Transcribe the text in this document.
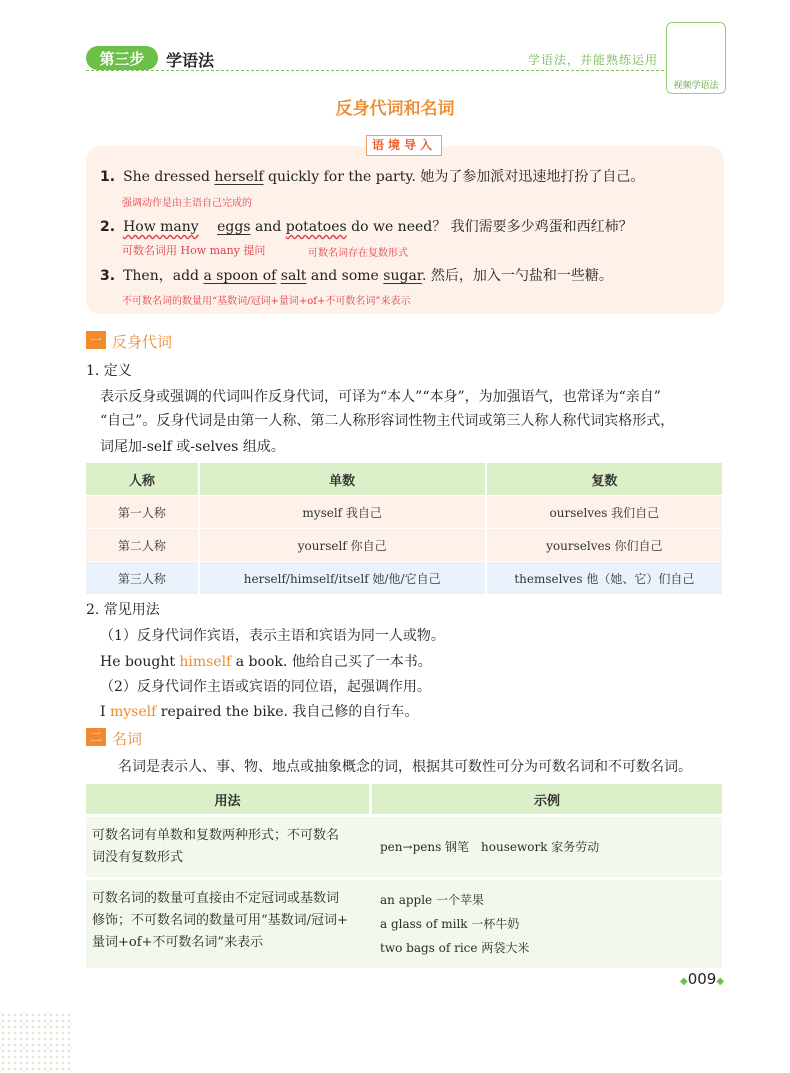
第三步	学语法	学语法，并能熟练运用
视频学语法
反身代词和名词
语境导入
1. She dressed herself quickly for the party. 她为了参加派对迅速地打扮了自己。
强调动作是由主语自己完成的
2. How many　 eggs and potatoes do we need？ 我们需要多少鸡蛋和西红柿？
可数名词用 How many 提问	可数名词存在复数形式
3. Then，add a spoon of salt and some sugar. 然后，加入一勺盐和一些糖。
不可数名词的数量用“基数词/冠词+量词+of+不可数名词”来表示
一 反身代词
1. 定义
表示反身或强调的代词叫作反身代词，可译为“本人”“本身”，为加强语气，也常译为“亲自”
“自己”。反身代词是由第一人称、第二人称形容词性物主代词或第三人称人称代词宾格形式，
词尾加-self 或-selves 组成。
人称	单数	复数
第一人称	myself 我自己	ourselves 我们自己
第二人称	yourself 你自己	yourselves 你们自己
第三人称	herself/himself/itself 她/他/它自己	themselves 他（她、它）们自己
2. 常见用法
（1）反身代词作宾语，表示主语和宾语为同一人或物。
He bought himself a book. 他给自己买了一本书。
（2）反身代词作主语或宾语的同位语，起强调作用。
I myself repaired the bike. 我自己修的自行车。
二 名词
名词是表示人、事、物、地点或抽象概念的词，根据其可数性可分为可数名词和不可数名词。
用法	示例
可数名词有单数和复数两种形式；不可数名
词没有复数形式
pen→pens 钢笔　housework 家务劳动
可数名词的数量可直接由不定冠词或基数词
修饰；不可数名词的数量可用“基数词/冠词+
量词+of+不可数名词”来表示
an apple 一个苹果
a glass of milk 一杯牛奶
two bags of rice 两袋大米
◆009◆
